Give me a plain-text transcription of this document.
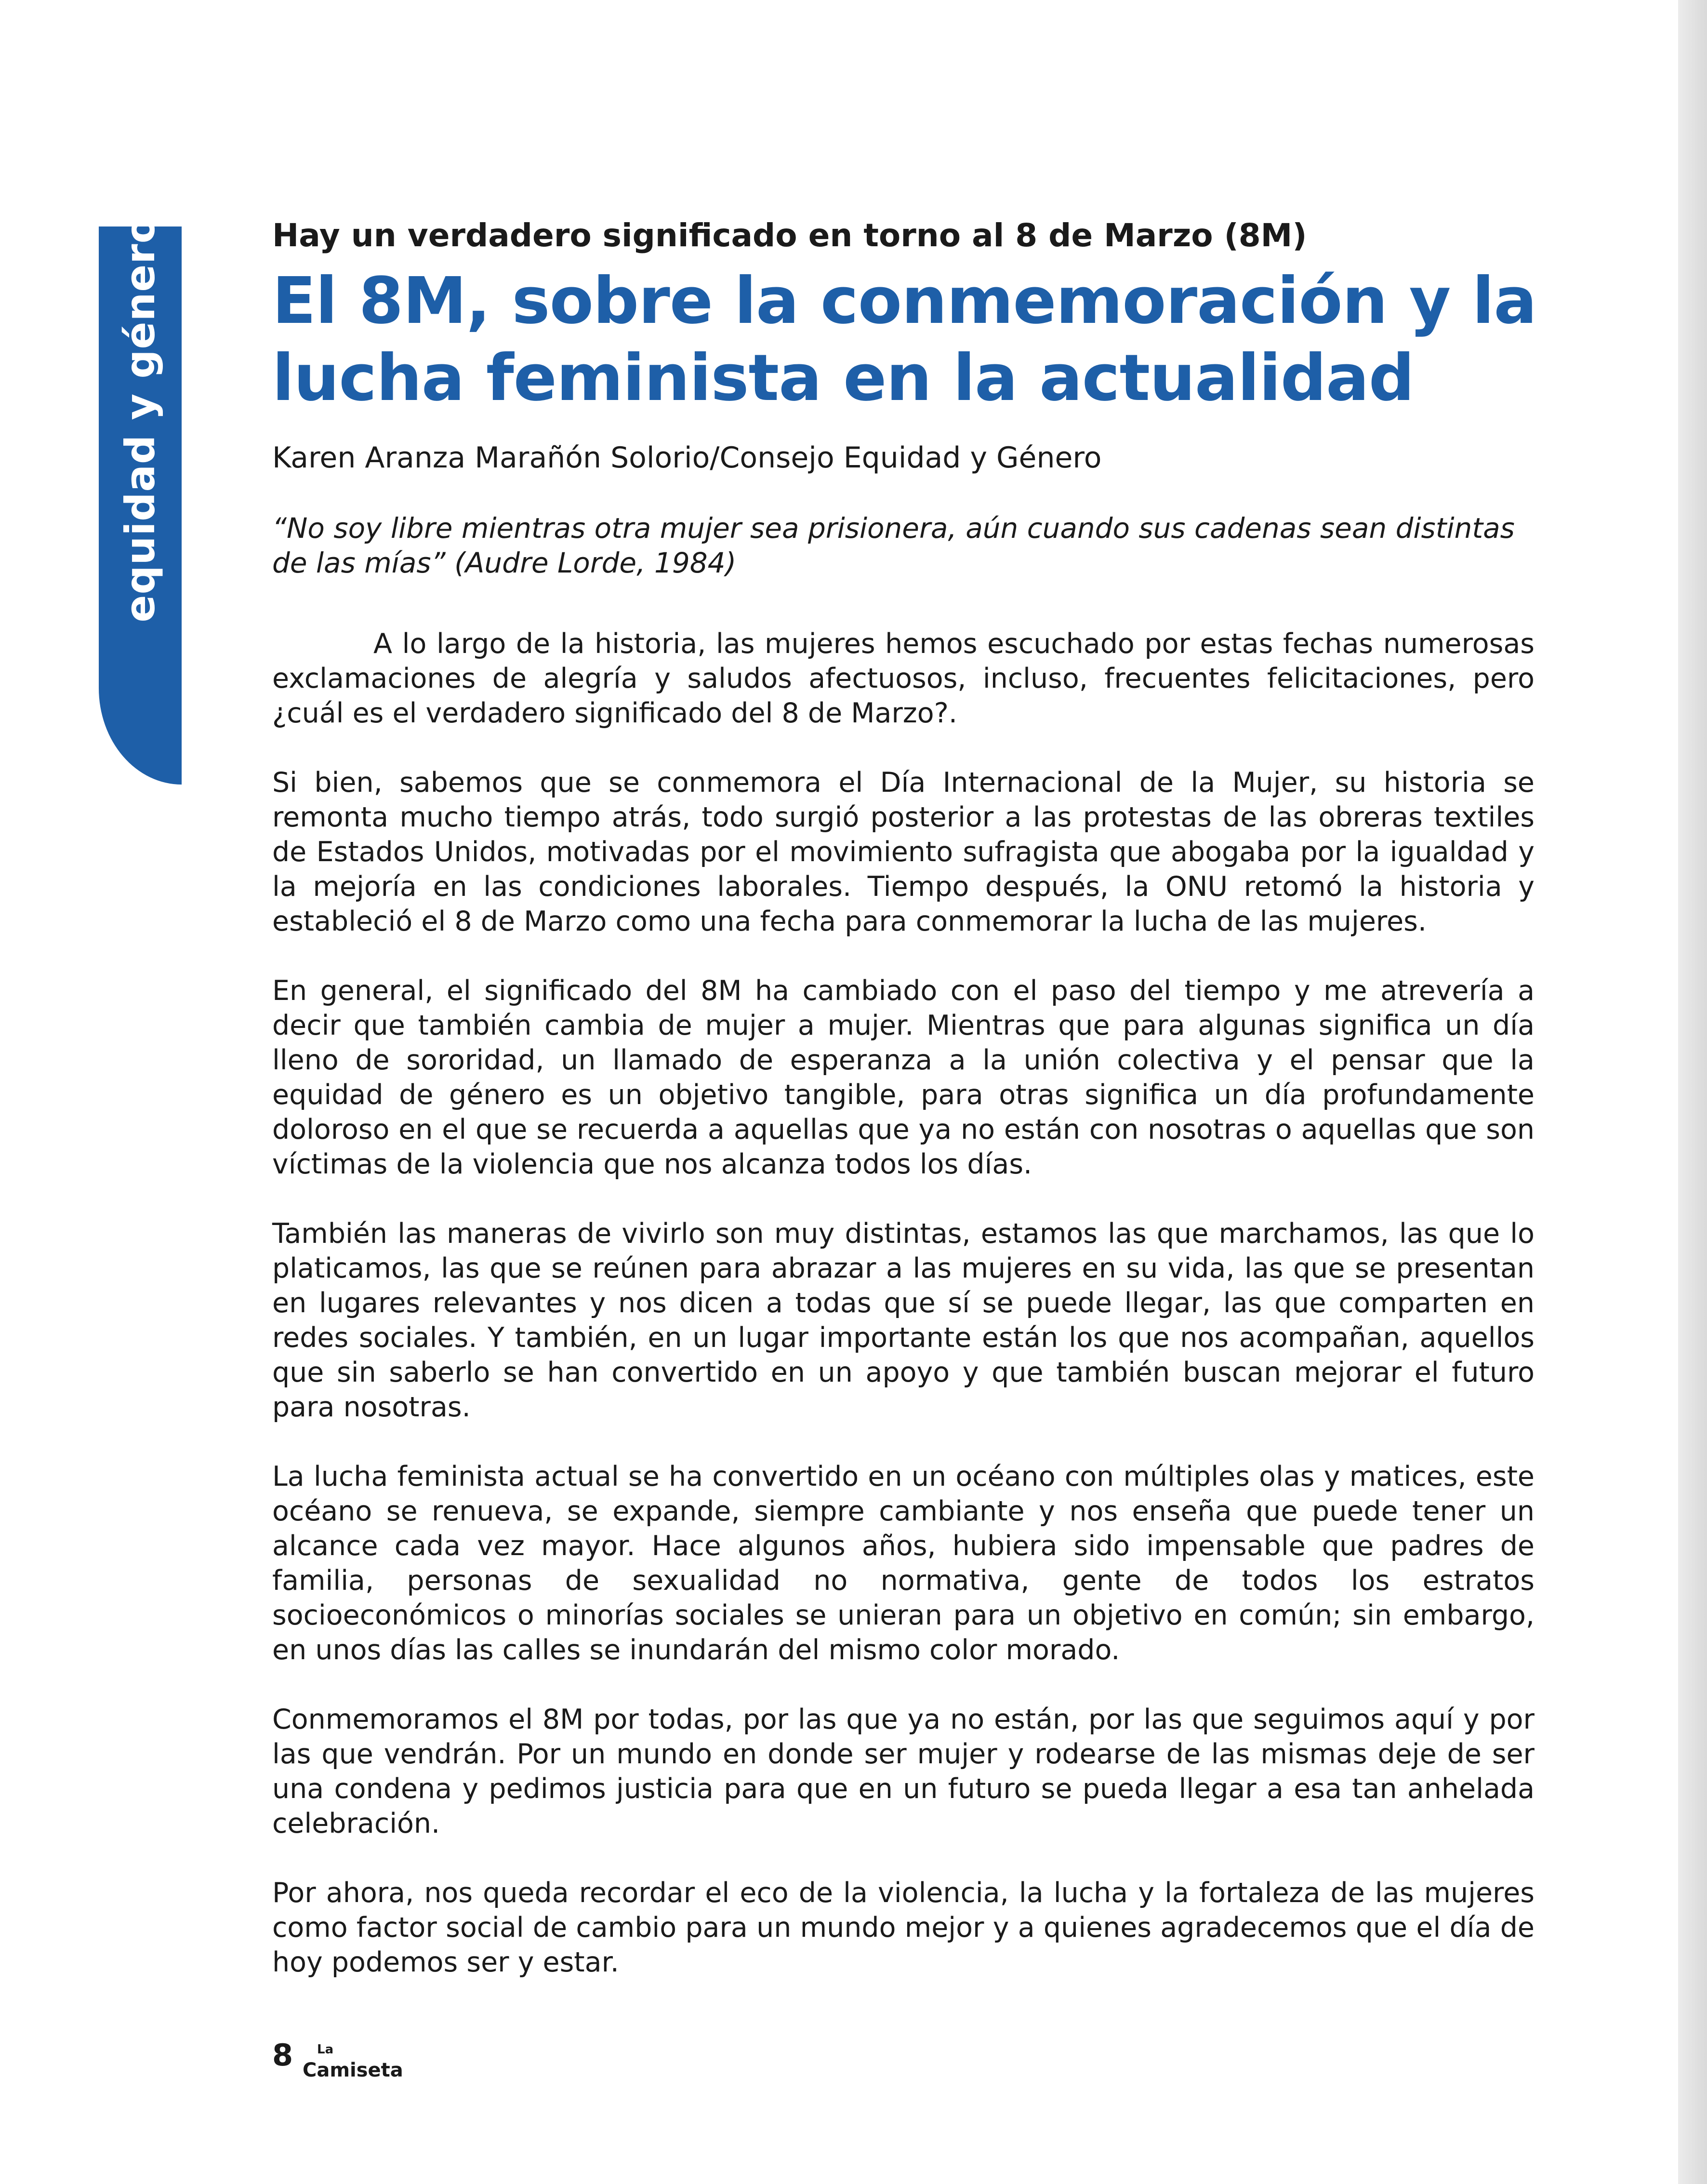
equidad y género	Hay un verdadero significado en torno al 8 de Marzo (8M)
El 8M, sobre la conmemoración y la lucha feminista en la actualidad
Karen Aranza Marañón Solorio/Consejo Equidad y Género
“No soy libre mientras otra mujer sea prisionera, aún cuando sus cadenas sean distintas de las mías” (Audre Lorde, 1984)

A lo largo de la historia, las mujeres hemos escuchado por estas fechas numerosas exclamaciones de alegría y saludos afectuosos, incluso, frecuentes felicitaciones, pero ¿cuál es el verdadero significado del 8 de Marzo?.

Si bien, sabemos que se conmemora el Día Internacional de la Mujer, su historia se remonta mucho tiempo atrás, todo surgió posterior a las protestas de las obreras textiles de Estados Unidos, motivadas por el movimiento sufragista que abogaba por la igualdad y la mejoría en las condiciones laborales. Tiempo después, la ONU retomó la historia y estableció el 8 de Marzo como una fecha para conmemorar la lucha de las mujeres.

En general, el significado del 8M ha cambiado con el paso del tiempo y me atrevería a decir que también cambia de mujer a mujer. Mientras que para algunas significa un día lleno de sororidad, un llamado de esperanza a la unión colectiva y el pensar que la equidad de género es un objetivo tangible, para otras significa un día profundamente doloroso en el que se recuerda a aquellas que ya no están con nosotras o aquellas que son víctimas de la violencia que nos alcanza todos los días.

También las maneras de vivirlo son muy distintas, estamos las que marchamos, las que lo platicamos, las que se reúnen para abrazar a las mujeres en su vida, las que se presentan en lugares relevantes y nos dicen a todas que sí se puede llegar, las que comparten en redes sociales. Y también, en un lugar importante están los que nos acompañan, aquellos que sin saberlo se han convertido en un apoyo y que también buscan mejorar el futuro para nosotras.

La lucha feminista actual se ha convertido en un océano con múltiples olas y matices, este océano se renueva, se expande, siempre cambiante y nos enseña que puede tener un alcance cada vez mayor. Hace algunos años, hubiera sido impensable que padres de familia, personas de sexualidad no normativa, gente de todos los estratos socioeconómicos o minorías sociales se unieran para un objetivo en común; sin embargo, en unos días las calles se inundarán del mismo color morado.

Conmemoramos el 8M por todas, por las que ya no están, por las que seguimos aquí y por las que vendrán. Por un mundo en donde ser mujer y rodearse de las mismas deje de ser una condena y pedimos justicia para que en un futuro se pueda llegar a esa tan anhelada celebración.

Por ahora, nos queda recordar el eco de la violencia, la lucha y la fortaleza de las mujeres como factor social de cambio para un mundo mejor y a quienes agradecemos que el día de hoy podemos ser y estar.

8 La
Camiseta
